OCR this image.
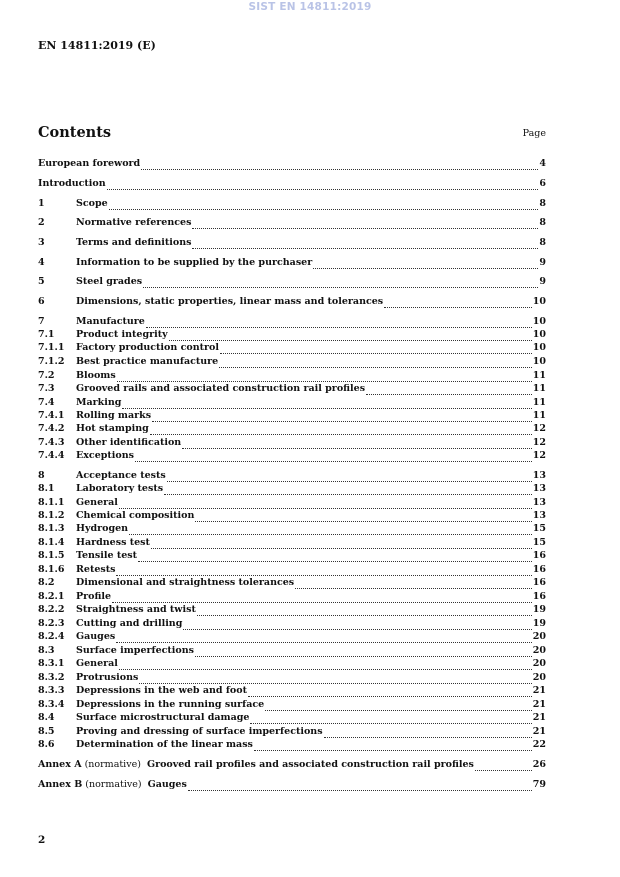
SIST EN 14811:2019
EN 14811:2019 (E)
Contents	Page
European foreword	4
Introduction	6
1	Scope	8
2	Normative references	8
3	Terms and definitions	8
4	Information to be supplied by the purchaser	9
5	Steel grades	9
6	Dimensions, static properties, linear mass and tolerances	10
7	Manufacture	10
7.1 Product integrity	10
7.1.1 Factory production control	10
7.1.2 Best practice manufacture	10
7.2 Blooms	11
7.3 Grooved rails and associated construction rail profiles	11
7.4 Marking	11
7.4.1 Rolling marks	11
7.4.2 Hot stamping	12
7.4.3 Other identification	12
7.4.4 Exceptions	12
8	Acceptance tests	13
8.1 Laboratory tests	13
8.1.1 General	13
8.1.2 Chemical composition	13
8.1.3 Hydrogen	15
8.1.4 Hardness test	15
8.1.5 Tensile test	16
8.1.6 Retests	16
8.2 Dimensional and straightness tolerances	16
8.2.1 Profile	16
8.2.2 Straightness and twist	19
8.2.3 Cutting and drilling	19
8.2.4 Gauges	20
8.3 Surface imperfections	20
8.3.1 General	20
8.3.2 Protrusions	20
8.3.3 Depressions in the web and foot	21
8.3.4 Depressions in the running surface	21
8.4 Surface microstructural damage	21
8.5 Proving and dressing of surface imperfections	21
8.6 Determination of the linear mass	22
Annex A (normative) Grooved rail profiles and associated construction rail profiles	26
Annex B (normative) Gauges	79
2
